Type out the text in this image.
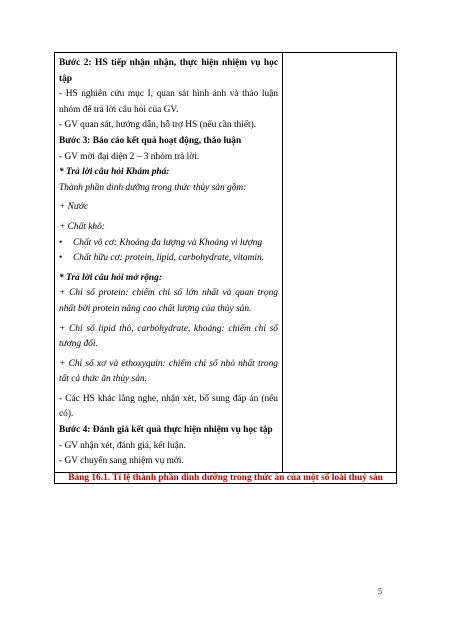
Bước 2: HS tiếp nhận nhận, thực hiện nhiệm vụ học tập

- HS nghiên cứu mục I, quan sát hình ảnh và thảo luận nhóm để trả lời câu hỏi của GV.

- GV quan sát, hướng dẫn, hỗ trợ HS (nếu cần thiết).

Bước 3: Báo cáo kết quả hoạt động, thảo luận

- GV mời đại diện 2 – 3 nhóm trả lời.

* Trả lời câu hỏi Khám phá:

Thành phần dinh dưỡng trong thức thủy sản gồm:

+ Nước

+ Chất khô:

•	Chất vô cơ: Khoáng đa lượng và Khoáng vi lượng
•	Chất hữu cơ: protein, lipid, carbohydrate, vitamin.

* Trả lời câu hỏi mở rộng:

+ Chỉ số protein: chiếm chỉ số lớn nhất và quan trọng nhất bởi protein nâng cao chất lượng của thủy sản.

+ Chỉ số lipid thô, carbohydrate, khoáng: chiếm chỉ số tương đối.

+ Chỉ số xơ và ethoxyquin: chiếm chỉ số nhỏ nhất trong tất cả thức ăn thủy sản.

- Các HS khác lắng nghe, nhận xét, bổ sung đáp án (nếu có).

Bước 4: Đánh giá kết quả thực hiện nhiệm vụ học tập

- GV nhận xét, đánh giá, kết luận.

- GV chuyển sang nhiệm vụ mới.

Bảng 16.1. Tỉ lệ thành phần dinh dưỡng trong thức ăn của một số loài thuỷ sản
5
